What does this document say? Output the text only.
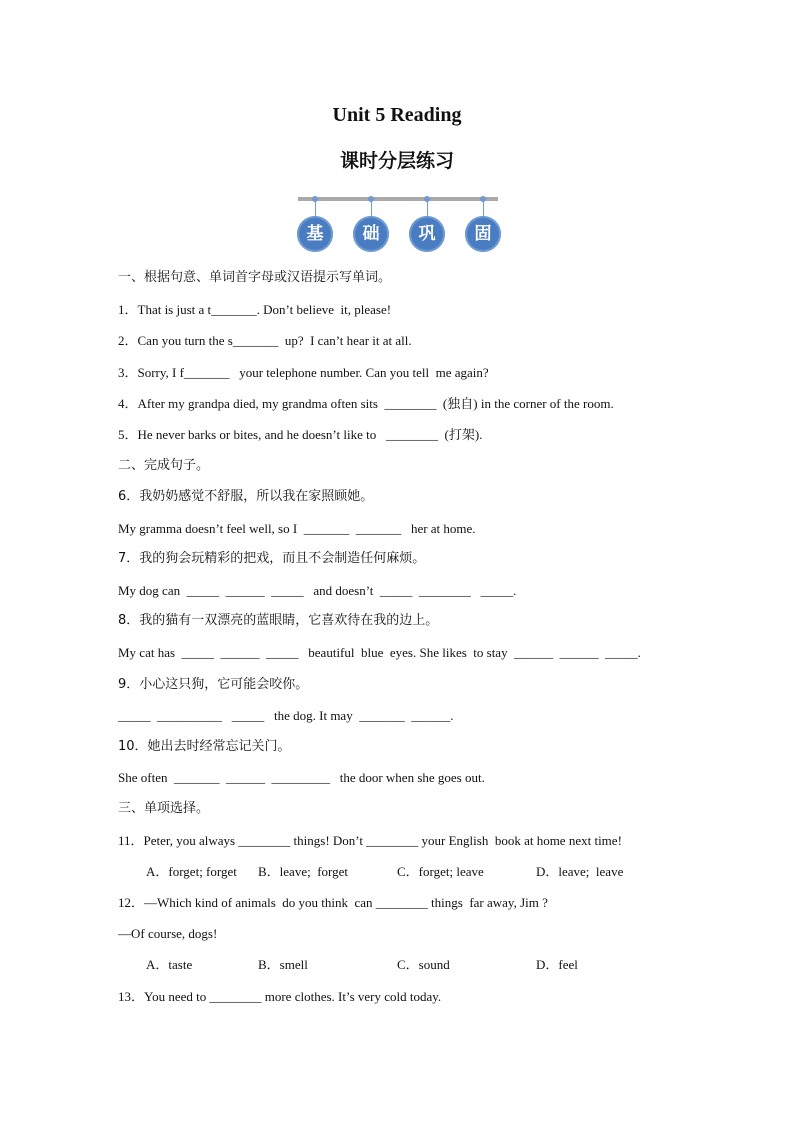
Unit 5 Reading
课时分层练习
基	础	巩	固
一、根据句意、单词首字母或汉语提示写单词。
1．That is just a t_______. Don’t believe  it, please!
2．Can you turn the s_______  up?  I can’t hear it at all.
3．Sorry, I f_______   your telephone number. Can you tell  me again?
4．After my grandpa died, my grandma often sits  ________  (独自) in the corner of the room.
5．He never barks or bites, and he doesn’t like to   ________  (打架).
二、完成句子。
6．我奶奶感觉不舒服，所以我在家照顾她。
My gramma doesn’t feel well, so I  _______  _______   her at home.
7．我的狗会玩精彩的把戏，而且不会制造任何麻烦。
My dog can  _____  ______  _____   and doesn’t  _____  ________   _____.
8．我的猫有一双漂亮的蓝眼睛，它喜欢待在我的边上。
My cat has  _____  ______  _____   beautiful  blue  eyes. She likes  to stay  ______  ______  _____.
9．小心这只狗，它可能会咬你。
_____  __________   _____   the dog. It may  _______  ______.
10．她出去时经常忘记关门。
She often  _______  ______  _________   the door when she goes out.
三、单项选择。
11．Peter, you always ________ things! Don’t ________ your English  book at home next time!
A．forget; forget B．leave;  forget	C．forget; leave	D．leave;  leave
12．—Which kind of animals  do you think  can ________ things  far away, Jim ?
—Of course, dogs!
A．taste	B．smell	C．sound	D．feel
13．You need to ________ more clothes. It’s very cold today.
